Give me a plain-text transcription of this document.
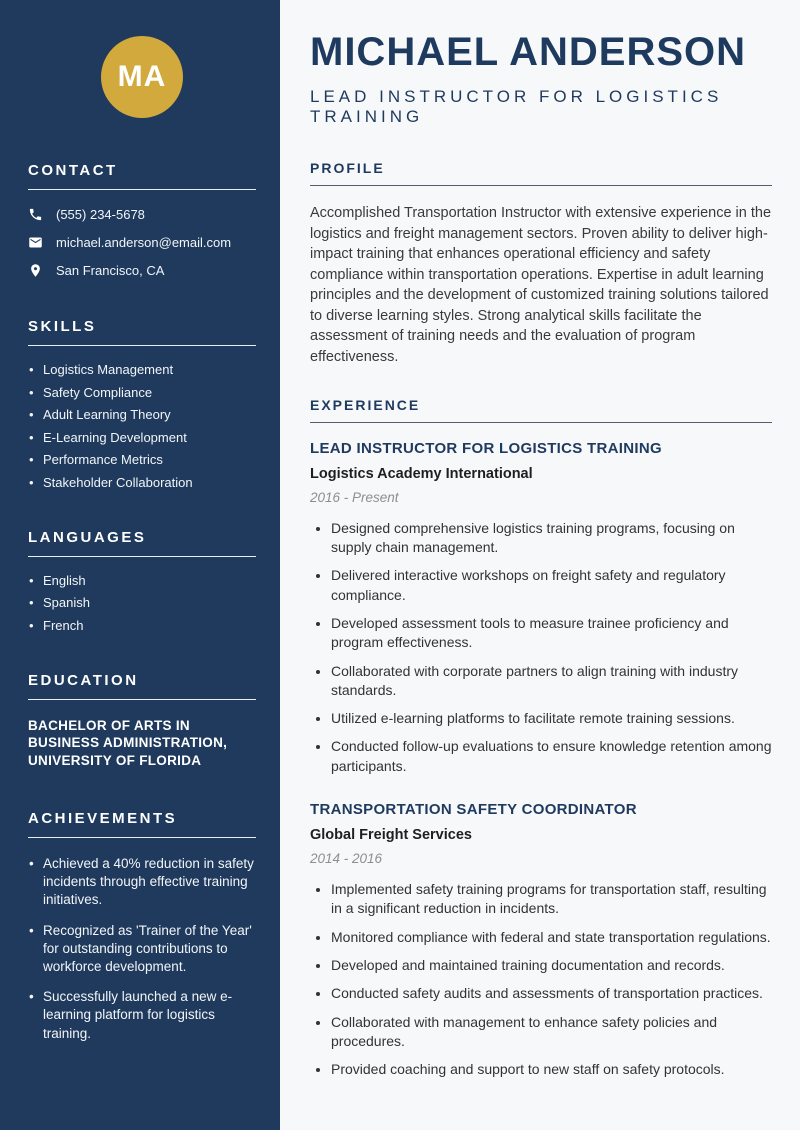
MA
CONTACT
(555) 234-5678
michael.anderson@email.com
San Francisco, CA
SKILLS
• Logistics Management
• Safety Compliance
• Adult Learning Theory
• E-Learning Development
• Performance Metrics
• Stakeholder Collaboration
LANGUAGES
• English
• Spanish
• French
EDUCATION
BACHELOR OF ARTS IN BUSINESS ADMINISTRATION, UNIVERSITY OF FLORIDA
ACHIEVEMENTS
• Achieved a 40% reduction in safety incidents through effective training initiatives.
• Recognized as 'Trainer of the Year' for outstanding contributions to workforce development.
• Successfully launched a new e-learning platform for logistics training.
MICHAEL ANDERSON
LEAD INSTRUCTOR FOR LOGISTICS TRAINING
PROFILE

Accomplished Transportation Instructor with extensive experience in the logistics and freight management sectors. Proven ability to deliver high-impact training that enhances operational efficiency and safety compliance within transportation operations. Expertise in adult learning principles and the development of customized training solutions tailored to diverse learning styles. Strong analytical skills facilitate the assessment of training needs and the evaluation of program effectiveness.

EXPERIENCE
LEAD INSTRUCTOR FOR LOGISTICS TRAINING
Logistics Academy International
2016 - Present
• Designed comprehensive logistics training programs, focusing on supply chain management.
• Delivered interactive workshops on freight safety and regulatory compliance.
• Developed assessment tools to measure trainee proficiency and program effectiveness.
• Collaborated with corporate partners to align training with industry standards.
• Utilized e-learning platforms to facilitate remote training sessions.
• Conducted follow-up evaluations to ensure knowledge retention among participants.
TRANSPORTATION SAFETY COORDINATOR
Global Freight Services
2014 - 2016
• Implemented safety training programs for transportation staff, resulting in a significant reduction in incidents.
• Monitored compliance with federal and state transportation regulations.
• Developed and maintained training documentation and records.
• Conducted safety audits and assessments of transportation practices.
• Collaborated with management to enhance safety policies and procedures.
• Provided coaching and support to new staff on safety protocols.
